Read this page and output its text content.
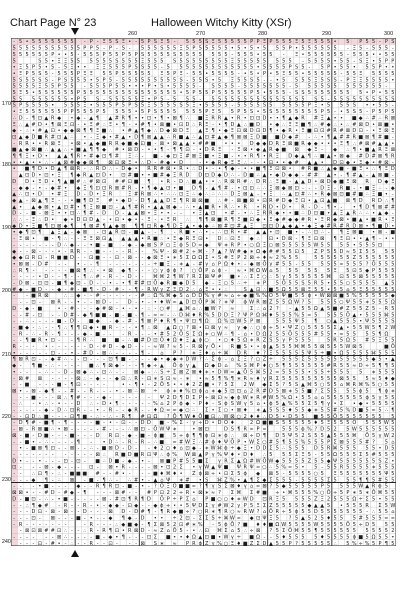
Chart Page N° 23	Halloween Witchy Kitty (XSr)
260	270	280	290	300
170
180
190
200
210
220
230
240
- 5 • 5 5 5 5 5 5 5 - P - Ξ 5 S Ξ • - 5 P S Ξ 5 - 5 5 5 S Ξ 5 5 5 5 5 P P Ξ P 5 5 5 Ξ 5 Ξ 5 5 5 • 5 P 5 5 - P S
5 5 5 5 5 S 5 5 5 5 5 P P 5 - P - S - 5 5 5 S 5 5 Ξ 5 P 5 5 5 5 5 • 5 • 5 • 5 5 5 P • 5 5 5 5 5 5 - Ξ 5 - 5 5 5 -
5 5 5 5 5 5 P • • 5 - 5 5 5 P 5 5 P 5 P S 5 5 5 5 S 5 5 5 5 5 5 5 - 5 5 5 • 5 5 - Ξ • 5 5 5 5 5 5 - 5 5 5 • • 5 5
5	S 5 • Ξ Ξ 5 5 5 5 5 5 S 5 5 5 Ξ 5 5 5 S 5 S 5 5 5 5 5 5 Ξ 5 5 5 5 5 5 5 5 - 5 5 5 5 • 5 5 - S Ξ • 5 P P
• Ξ 5 P 5 • 5 - 5 Ξ • • Ξ Ξ 5 5 5 P S S 5 5 - 5 5 5 5 5 5 5 5 S 5 5 5 5 • 5 5 5 5 P S 5 - 5 P • 5 5 • 5 5 P • •
• Ξ P 5 S 5 - 5 5 5 P Ξ Ξ 5 5 P 5 5 5 5 5 Ξ 5 P Ξ - 5 5 • 5 5 5 5 - • 5 • P • 5 Ξ 5 5 • 5 5 5 5 5 - 5 5 Ξ 5 5 5 5
5 S 5 5 S S - P S 5 5 5 • 5 P 5 - 5 5 5 5 5 5 5 5 5 S - 5 5 S • 5 Ξ 5 5 S 5 - - • 5 5 5 5 Ξ 5 S S - P Ξ Ξ 5 5 5 5 •
5 5 5 5 Ξ 5 5 P 5 5 - 5 5 5 P 5 S • • • P • S • 5 5 5 5 - S 5 5 5 - 5 5 5 5 5 5 5 - 5 5 5 5 S 5 5 5 5 5 5 5 -
5 Ξ 5 • 5 5 5 5 5 5 P 5 5 5 5 5 5 5 5 S 5 5 5 5 5 5 • 5 P 5 5 P 5 5 5 5 5 P 5 • 5 5 5 - S S 5 5 5 5 5 5 5 5 • P • 5 5
5 5 5 5 5 5 5 5 • P 5 S - 5 5 5 5 5 Ξ • P 5 - 5 5 5 - 5 5 5 5 5 5 5 5 5 5 5 5 5 S 5 S 5 - 5 5 S 5 5 S 5 S 5 S
S P S 5 5 S • 5 5 5 Ξ • S 5 5 P 5 P S 5 Ξ 5 5 5 5 S 5 Ξ • 5 5 5 5 - 5 5 5 5 S 5 5 5 5 5 P Ξ • 5 5 5 S • • 5 5 -
• Ξ 5 5 5 5 5 5 P P 5 5 5 P 5 5 5 5 • 5 P S 5 5 5 5 5 5 P Ξ 5 5 P 5 S • 5 S 5 5 5 5 5 5 5 P 5 - • 5 S 5 - P 5 P 5
∴ D - ¶ ⊡ ▲ R ◆ • ◆ - ▲ ¶ ▲ # R ¶ • • ⊡ • ¶ • ⊠ ¶ ∴ ■ Ξ R R ▲ • R • ⊡ ⊡ D • • ¶ ▲ ◆ R # Ξ ▲ • • ■ ◆ ∴ # ∴ R ⊠
Ξ ∴ ▲ # D • ¶ ⊠ Ξ ⊡ - • Ξ # ∴ Ξ • ¶ - • # ¶ • ⊠ ■ • ⊡ D ∴ R Ξ - • ¶ D ▲ ∴ ■ D • ◆ ∴ Ξ Ξ ■ ¶ ∴ # ◆ ∴ • ∴ # ⊠ D • ⊠ ■ •
◆ - ∴ • # ▲ ⊡ • ◆ ◆ ⊠ ¶ ¶ Ξ ■ ∴ • # ▲ ¶ ◆ ∴ D ◆ ⊠ D Ξ ▲ Ξ ¶ • ◆ Ξ ⊡ ⊠ D ⊡ D ¶ • ◆ R • Ξ ■ ⊡ ⊡ # R # ⊠ D ⊡ - • Ξ ⊠ Ξ
⊡ ▲ ◆ D ■ R # ⊡ ▲ ∴ • - Ξ ◆ • # ▲ • D ¶ ⊠ ▲ ▲ ∴ R ■ ▲ ∴ ▲ ⊡ # ▲ ◆ ¶ ⊠ ⊠ Ξ D ■ ■ D ◆ # - ∴ • ¶ ▲ # # R ■ ⊠ ¶ # ■ -
- R R • • R ⊠ Ξ • ⊠ • ▲ ◆ ■ R R ◆ ■ ◆ ⊡ ■ - ⊠ • ⊠ ▲ ▲ • # # ■ • • • D ◆ ◆ D R Ξ ⊠ ■ R ◆ ◆ • • • Ξ ¶ ∴ # ⊠ # ▲ ▲ •
■ ▲ ◆ ⊠ ■ ∴ ▲ ▲ ∴ • ■ ▲ ¶ ¶ ◆ # • ⊠ D - • • ¶ - ¶ ¶ ⊡ - • D R Ξ - Ξ ⊠ • ◆ ▲ R ◆ ■ ⊠ ◆ Ξ - ◆ ∴ ¶ • ■ ▲ R Ξ ⊠
¶ ¶ Ξ • D • ▲ ▲ ¶ R • # ◆ ⊡ ¶ # Ξ ∴ - ■ - ◆ ⊡ Ξ # ⊠ Ξ ■ • Ξ ■ - • • R ¶ • R Ξ D ◆ ▲ ¶ ∴ ■ ▲ • ⊠ ◆ # D # ⊠ ¶ R
• • ▲ • • ∴ - ▲ ⊠ # ◆ ◆ ⊠ ¶ ⊠ ⊡ ⊠ Ξ • ∴ D - # ◆ • D	- • ◆ R ◆ Ξ Ξ ∴ - - • ⊡ • • ◆ # ▲ ▲ • D ⊡ ◆ • Ξ ◆ • # ⊠ -
• ■ ¶ D • D ▲ ¶ ⊠ R - ∴ R D ∴ - D ◆ • R R # ⊠ • R • ∴ D • - • ¶ ◆ - • • ■ ¶ Ξ ⊡ ⊠ • # R ■ ∴ ▲ ◆ ■ - ■ Ξ • ∴ ¶ Ξ D
▲ ⊡ D • ⊡ • Ξ ¶ ◆ R ▲ ⊡ D • ⊡ # ■ • • ■ # ◆ Ξ R D D ⊡ D ◆ D ∴ - D ■ ∴ ▲ • ◆ D ◆ ◆ - # # ▲ • - ¶ # ▲ - ▲ ⊠ ■ -
D D • Ξ D • ¶ ▲ ■ # ∴ # ⊠ ⊡ # # ⊡ ■ ¶ • R - D ∴ ■ ▲ • • ∴ R ⊠ R # ∴ D R ∴ Ξ ■ - ▲ ▲ D • ⊠ D ◆ ■ Ξ ⊠ R D ◆ Ξ
- ◆ ◆ - • - ◆ # • ◆ Ξ ¶ ⊡ ⊡ R ⊠ # R - • ¶ ◆ ▲ ⊡ • ■ D ¶ - ▲ ¶ # - • ⊡ ⊡ ∴ ∴ Ξ ⊠ ◆ ⊠ ⊡ - - - D Ξ - R ■ - • ■ Ξ ∴ - ◆
▲ ∴ ⊡ • D • # Ξ D - D • Ξ R	Ξ # R ⊠ ∴ • ∴ ∴ ⊡ Ξ ∴ ◆ ∴ ∴ ∴ ∴ D Ξ ⊠ ▲ - • Ξ ∴ ▲ ⊡ # ∴ • R ◆ ⊠ ⊡ ■ # ■ ∴ Ξ ■ • -
◆ ▲ - ⊠ ▲ ¶ Ξ - - • ■ ¶ D Ξ # • ◆ D - D ¶ ▲ ▲ D Ξ ¶ R ⊠ ⊠ ■ ∴ # - ⊠ ■ ⊠ • ⊡ R # D ◆ Ξ ⊡ • ▲ ⊡ ▲ ■ ⊠ ¶ D R D ∴ ¶
▲ • ▲ ◆ ⊠ • ▲ ⊡ # • ¶ Ξ ⊠ ■ ⊡ - ▲ ¶ # R • ▲ ▲ ⊠ ◆ - ∴ • ▲ ■ R • R ∴ • R • R D • D • R - D - ¶ • - • ¶ D ¶ ⊠ # #
D - - ■ - ⊠ Ξ • • ⊡ ∴ ¶ # - D D - ▲ ▲ ⊠ • Ξ • • - - • Ξ ▲ ⊡ • # - • ∴ Ξ R R ◆ • • ■ ∴ D ⊡ ■ • ▲ Ξ ▲ R ∴ ∴ • ▲ ◆ -
∴ ∴ - Ξ ∴ D • ◆ • D ⊡ D ▲ - • ⊡ • ◆ • - Ξ - • Ξ R ∴ ¶ ¶ ⊠ ■ R ¶ Ξ ■ ⊡ ◆ • Ξ ◆ # ◆ ◆ # R • Ξ R ◆ ⊠ • ■ ▲ • ■ R • Ξ
◆ D • Ξ ■ ¶ ⊡ ⊠ ◆ ¶ ¶ ⊠ # ¶ ▲ ◆ ⊠ ¶ ¶ ⊡ R ◆ ¶ D Ξ ▲ • ◆ ◆ ∴ ⊠ # ⊡ # ▲ Ξ ⊡ ⊡ D ▲ ◆ ▲ • ◆ Ξ ◆ # R # R D ⊠ • ¶ ■ D •
• ◆ ¶ ⊡ ¶ ▲ Ξ ▲ - ◆ ⊠ - ⊡ ▲ R ⊡ - ■ ▲ - - ¶ - R ■ • ∴ • - ∴ ⊡ R • # ▲ ▲ • ⊡ ■ • - ∴ ⊡ ∴ - ¶ Ξ ⊠ ■ • ⊠ - ■
- Ξ ⊠ • ■ - ¶ ∴ - - Ξ Ξ ⊠ ⊡ ▲ ▲ ▲ ▲ • R ■ ∴ • Ξ ◆ R Ξ ⊡ • D ∴ ⊡ Ξ ◆ ∴ ⊡ • D ⊠ - ¶ Ξ ⊡ ⊠ ¶ Ξ ⊡ • • ▲ ¶ - • •
- - - - - - - D ∴ ◆ - - • ■ - ■ - ◆ - ◆ ⊠ S P ○ Ξ ϕ 5 D ≈ ◆ Ψ ∗ R P • ○ Ω Ξ ○ ⊠ 5 5 5 5 5 W 5 5 5 5 • 5 5 5 ⊡
◆ - - ⊠ - - - • - R R - - ■ - - - - R - - % Ψ - ⊠ # 2 ÷ ⌘ - ? ▲ ? W # ◆ ∗ Ω ◆ # # 5 5 ⊡ 5 Z P 5 5 D ≈ 5 Σ 5 5 5 5
◆ ◆ ⊡ R ⊡ - R ■ ■ D - - ⊡ ■ - - ⊡ - ⊠ - - ◆ ⊠ Ξ • ∗ 5 Σ Ω Ω Σ • S # Ξ P 2 ⊠ ÷ ♦ ≈ 2 % 5 5	5 5 5 5 5 5 Z 5 5 5 5 5 5
• ⊠ ⊠ - D # - - • - - ¶ - - - - - - - ÷ ■ Ξ - ∗ ▲ - # γ ⌂ P Ω ♦ • - ◆ ⊠ Ō γ # 5 5 - 5 5 5 5 5 ≈ 5 5 5 ? Ō 5 5 5
∴ R ¶ - - - - - ■ ⊠ ¶ ∴ - • ⊠ ◆ ¶ - - - ○ γ ϕ ϕ ? ○ Ō P ⌂ ϕ - ≈ • ⌘ Ω W ⌂ 5 5 5 5 5 5 Ξ 5 ⊡ 5 ◆ P 5 5 5
- - - - • D - - ¶ - - ¶ ∴ # - R - - D - - ⌘ ⌘ 2 ¶ W ? R Σ ⊠ Ψ # ■ • ∴ Σ Ξ ○ ∴ 5 γ 5 5 5 5 5 5 ⌘ ⊡ 5 5 ⊠ 5 5 5 5 5
- D ⊠ - ⊡ ⊡ - ■ ¶ ◆ ⊡ - D - - • - • ¶ # # ⊡ Ō ◆ R ■ ◆ D 5 ◆ - Ξ ○ S ∴ ÷ ∗ P 5 Ō 5 5 S 5 R 5 • 5 5 ○ 5 5 5 5 ▲ 5
# ◆ - ■ D - - ◆ - # - ■ ¶ - D - # - - ¶ - R W γ Z Ξ D 2 ∴ ⌂ Ξ • • ∴	S ▲ ⊡ ∴ ■ 5 Ω 5 5 ⊠ Ξ 5 5 • 5 5 ⌂ 5 Ξ 5 5 5 5 5
- - ■ R ⊠	∴ ∴ ◆ - - # - - - - - - # ∴ Ω % ⌘ ◆ S ⌂ D D % γ # ≈ ⌂ ÷ ◆ ■ % % Ō 5 Ψ ■ 5 5 ϕ • W ⊠ ⊠ ■ 5 % 5 5 5 5 5 ◆
- - ⊡ - ⊠ R - - • - - ⊠ D - - D - • - • ♦ W ≈ ▲ D ⊡ Ō P ⌘ ? ∗ Ψ ϕ W R ⊠ Z 5 5 Ω W ? 5 5 5 5 ○ Ψ 5 5 ∗ 5 5 5 Ω
D - ◆ - ■	• - # - - - ◆ # ⊠ - • - • - ∴ - ○ # ▲ ⌘ ⌂ ∴ ■ W ? ≈	Σ ∴ ⌂ 2 ? - ▲ 5 5 Ω ▲ 5 ■ # Z 5 5 Z 5 - R 5
- - # - ⊡ - - D # - ◆ ¶ ■ ■ - ■ - ■ - ¶ - ≈ ≈ - ∴ D ⌘ ♦ R % 5 D D Ξ ? Ψ P Ω ⌘ ♦ 5 5 5 % 5 ≈ 5 5 5 5 Ō ▲ • 5 5 5 ⌘ 5
- - ∴ - - - - ■ - D - ■ ◆ - ◆ - # - ¶ ⊠ P ♦ R ¶ • Ψ ⊡ ¶ Ω Ω % ⊡ W 5 P ⊠	5 5 5 Ψ 5 ¶ ○ ▲ 5 5 5 • Ψ 5 5 5 S
- ■ ◆ - ∴ - - ¶ ∴ ¶ ¶ ⊡ ◆ • ■ R - - - • ¶ ∴ ⊠ ▲ Ω ○ ? ⊠ • ⊡ ⊠ γ ≈ γ ◆ ∴ ○ ϕ ÷ 5 • Ψ Z ○ 5 5 5 5 Σ ▲ • 5 5 W 5 ¶ 2 W
- R - ∴ - R - ¶ - - - ◆ - ■ - - - R - - - • # 5 2 Ō S Σ Ω ∗ ○ W ∴ ¶ - ⌂ • D Ω 2 5 5 Ō 5 5 5 # 5 5 • ≈ 5 5 5 5 ¶ Ω
- - ¶ ■ R • ⊡ - - ¶ R ∴ ■ ■ - ∴ ■ # D ⊡ Ō ♦ Ω ♦ Ξ ▲ ϕ ○ • ○ ♦ 5 Ω ∗ R Z S 5 γ P 5 5 5	5 R 5 Ω 5 # 5 Ξ 5 5
R - - - • - - - - - - D - # D - ◆ D - - - ≈ W ? ≈ 5 - R ⊠ γ Ō • R ■ S • • ϕ ▲ 5 5 5 ⌘ ⌘ 5 5 ⊠ 5 5 5 W ⊠ 5	■ Ō
• - - - - - ⊡ - - • - # D - ⊠ ∴ - - - - ¶ - ⌂ P ? ∗ Ξ ♦ ⌂ ÷ ⌘ D R ♦ ? Ξ 5 5 5 5 5 Ψ 5 ÷ ■ • Ω 5 5 5 5 ⌘ 5 5 5
¶ ⊠ R ⊡ - - ◆ # ∴ - - ⊡ - - - ⊡ ¶ ■ - - - - ◆ • ◆ ◆ ∗ D W ? ∴ Σ ϕ - ⌂ Σ Ξ ? ○ Z ÷ 5 5 5 Σ 5 5 5 5 5 5 5 5 5 5 ◆ 5 • ▲
◆ - ¶ ■ - ∴ - - - - ■ ∴ ¶ ⊠ ◆ - - - ¶ ◆ ÷ ▲ Ō ϕ γ ▲ Ω ◆ D ⌂ % S ⌘ P ♦ ○ 5 ¶ 5 5 5 5 5 5 # R 5 5 ≈ D ÷ 5 ¶ ¶ 5
• - - - ∴ - - D - ⊠ ◆ ∴ - ⊡ ∴ - - ⊠ ◆ - ∴ S ÷ Σ ⊠ Z ⊠ ♦ ∗ • D W ≈ ▲ Ō 5 ⌘ 5 2 ≈ 5 5 5 5 • S 5 ÷ 5 5 5 5 ∗ 5 5 5
- ⊠ # ⊠ - - - - ⊠ ∴ - ◆ - - ◆ ⊡ ∴ R - ⊡ ∗ S ⊡ ≈ - ∗ • ≈ 5 ¶ % ¶ ∗ R ≈ ♦ γ R Σ 5 5 5 5 5 5 5 5 5 ⊠ 5 5 5 ≈ 5 ♦ ◆
- - ■ - - - ■ - ¶ ⊡ - - - -	• - ¶ • - 2 Ō 5 • • ♦ 2 Z ■ • ? 5 Σ 2 W ◆ Σ 5 ? 5 S ▲ ⌘ 5 ○ 5 5 ⌂ ⌘ R ⌘ % 5 ○ 5 5
⊠ • - ⊠ - ◆ ¶ - - # - - R - - - • - ⊠ ∴ ⊠ ÷ ϕ ∗ ♦ % ⊡ ϕ ⌂ ∗ ◆ 5 ⊡ ⊡ ⌂ 2 R # D 5 ⊠ ∗ 5 5 ■ ? Σ 5 5 5 5 ϕ 5 ¶ ϕ ∗
- - ■ - - - ⊠ ∴ ¶ # - - - ◆ - - - - - Ψ 2 D ¶ D Σ P ÷ ⊠ ⊡ ≈ ◆ ϕ W ∗ R # W 5 % Ω • 5 5 ⌂ ⌂ 5 5 5 5 5 5 ϕ 5 γ 5 5
- ∴ - • ∴ - • - - D ∴ - D • ¶ - - - - - % ⌂ 2 P ϕ ◆ - P ♦ - S ϕ S W γ 5 ⌂ • ϕ 5 ▲ % 5 5 Σ 5 ¶ γ • Σ • ◆ • 5 5 5 5
- - - - - ◆ - D ∴ ⊡ R - - • - R - - ◆ R - - ♦ Ω ≈ ≈ ◆ ○ ∴ Σ • Σ ○ • ⊠ ♦ ∗ ▲ 5 S 5 ♦ 5 5 ◆ ∗ 5 5 # 5 % D ■ 5 ≈ 5 ∴ ¶
- - ⊡ D ∴ ■ - - - ⊡ ¶ ■ - ∴ - ∴ - R ¶ # ⊡ Ω ? Ō ¶ W ♦ Ō ■ ⊡ ∴ W ⊠ ○ 2 ♦ ♦ ∴ D 5 • D 5 5 ■ 5 5 Ō 5 5 5 5 5 5 5 5
- D ¶ # - ■ ¶ - ¶ - - - - ■ - • - ⊡ - - D D ■ - % Σ - γ ÷ D • D Ō ♦	2 Ω ■ ■ S 5 5 5 5 5 ♦ 5 Ξ 5 5 5 Ō 5 5 5 W 5
- ⊠ - R ⊠ ■ ∴ • ⊠ - - - - - # - - - ∴ ⊠ ⊡ - Ō W Ψ ∗	• ⊠ ⊡	D S ¶ R ≈ P ≈	5 5 5 ϕ % ? D 5 2 5 W 5 5 5 5 5 5
⊠ - ■ - D ■ - - - ■ - - - D R ⊡ - ◆ - ■ - ϕ ■ 5 ÷ ϕ ¶ ¶ ϕ ⊡ ∗ ϕ ∴ ⊠ ÷ D ¶ D 5 Ψ 5 2 S 5 5 ▲ 5 5 5 ⌘ Ō 5 γ W 2
- - ■ • - ∴ - - - - ¶ - • D ∴ - R - R - ∴ ■ ≈ # W Ξ ∴ # ϕ ♦ Ψ Ō P • W Σ ○ # 5 ¶ 5 5 % 5 5 5 P Σ ⊠ 5 5 5 # ? 5 ⌂
• - ■ ⊠ ¶ ⊡ - - ⊠ - - ∴ - ■ ⊠ D - D - - ♦ 2 ○ ♦ ⌂ ⊡ ◆ - ∗ W ⌘ ϕ ÷ ◆ Ξ • D D Σ 5 ∴ S 5 5 D 5 R ⌘ 5 5 5 5 5 • D 5
- - - - - - - - - - - - ⊠ ∴ R ■ D ■ R ⊡ Ψ ∴ ϕ % W ⊠ ▲ P γ % Ψ ♦ • D ♦ ∴ 5 5 5 Σ Ξ 5 - 5 5 Ω 5 5 5 Σ 5 # 5 5 5
D • - - • - - - ⊡ - ⊡ - ■ ∴ D ■ - ◆ - • - ⊠ ■ P # 5 5 ■ Σ γ R Σ ▲ Ω # W Ō W ◆ 5 5 5 5 Z 5 5 ◆ Ψ 5 5 5 5 5 5 S Z •
⊡ - - - ⊠ - ◆ - - - ⊡ - ⊠ • R - - - - ⊠ • ⊡ 2 Σ • γ W ▲ Ψ ■ Ψ R Ψ ≈ ○ ∴ 5 % ≈ 5 • 5 - 5 5 R 5 5 5 5 ∗ 5 5 5
- - ∴ ⊡ ¶ - ∴ - ■ ■ ■ # - - # • - - - ■ ♦ ⌘ ♦ • Z ϕ ⊠ ÷ • ⊡ Σ 5 ϕ ◆ ⊠ 5 - 5 5 5 5 ○ 5 Ξ 5 5 5 5 5 5 5 Ψ 5
- - - ◆ ¶ - ∴ ⊠ - ■ - ¶ ∴ - ∴ # • - ▲ ⌂ Ψ ∗ # • S ⌘ Z % • ▲ ¶ Σ ◆ Σ 5 5 5 - 5 5 5 5 Σ 5 5 5 ¶ ¶ 5 # 5 5
- - - • ■ - - - ◆ - - R ¶ R ⊡ - ■ - • - ? Ō Ξ Ō ■ ■ ≈ ? ¶ γ S Σ ⊠ ♦ γ ⌂ ≈ ⊠ ? 5 ◆ 5 5 5 5 5 P 5 5 5 5 W ▲ R ϕ 5
⊠ ⊠ • - - # D - # ◆ - ¶ - - - ⊠ # - - # P ⊡ 2 2 ÷ R • ⊠ ∗ ≈ ? Σ ⌘ Σ # ■ ÷ • ⌘ 5 5 5 % ○ Ō ÷ 5 P ∗ 5 ∗ Ō ⌘ 5 5
D - ■ ⊡ - ∴ - • ■ - - - - - ⊠ - # ⊡ ¶ R ¶ D Ō P ÷ P Σ ⌂ P ■ ○ ○ ♦ ∗ W D ⊡ R Ξ 5 5 5 5 Z Ξ 2 5 5 5 Ω ÷ Σ 5 • 5 5
- - ∴ ¶ ◆ # - R - - R - • - ◆ ◆ - ⊡ ◆ - - ◆ ϕ ÷ • • 5 Ψ D Σ γ # W 2 γ P 5 Ξ Σ Z 5 5 5 5 5 ◆ ▲ ▲ 5 • 5 5 5 R Σ 5 W
- - - D ⊡ - ⊠ - ⊠ - - D - - - ⊠ D - D # ¶ - ¶ R ◆ ■ ÷ ? ○ R ∗ ¶ R ○ ≈ R W ? ⌂ Ō R ÷ 5 ϕ 5 5 D 5 5 5 5 5 5 5 - ∴ 5 5 ⌂
- - - ⊡ - ⊠ - - - ■ - • - - ◆ ¶ ◆ - D • • ÷ 2 ⊡ - Σ Σ S ÷ ⌘ W ≈ ◆ ⊡ Ψ Ξ 5 ? 5 ▲ 5 2 5 ♦ 5 5 5 # 5 5 5 ≈ ≈
- R - - - - - - -	- R - - - ∴ ◆ ■ ◆ - ¶ Σ ⊠ 5 2 ⊡ # ∗ % - 5 ϕ Ō ? ■ ♦ ♦ ■ Ω W 5 5 5 5 W 5 5 5 5 Ō 5 ÷ D 5 5 5
- ⊠ ⊡ ⊠ # # ⊡ ∴ - - ∴ R - R ¶ ⊡ • R ⊠ D - ≈ Z ⌂ Ō 5 - • ∴ ⊡ ⌘ Σ ⌂ 5 ∴ ÷ ⊠ ? 5 Σ Ō ⌘ 5 5 ¶ 5 5 5 5 5 5 5 5 5 5 2
- - - - - - ⊠ ∴ - - - - ■ - ◆ • ¶ - - - ⊡ Σ ■ • • ♦ Ω ▲ ⊡ ■ • W γ ÷ ■ Ω - - 5 ♦ 5 5 5 5 ♦ 5 5 5 5 ϕ ■ 5 Ω 5 5 •
- - - ⊡ - # • - ∴ - - R - - ⊡ - - - ⊠ S ∗ ≈ P R ϕ Z γ % ○ Ξ ♦ ■ Z Σ D ▲ 5 5 P ? 5 5 5 5 5 ∴ 5 % ÷ % 5 P ¶ 5
